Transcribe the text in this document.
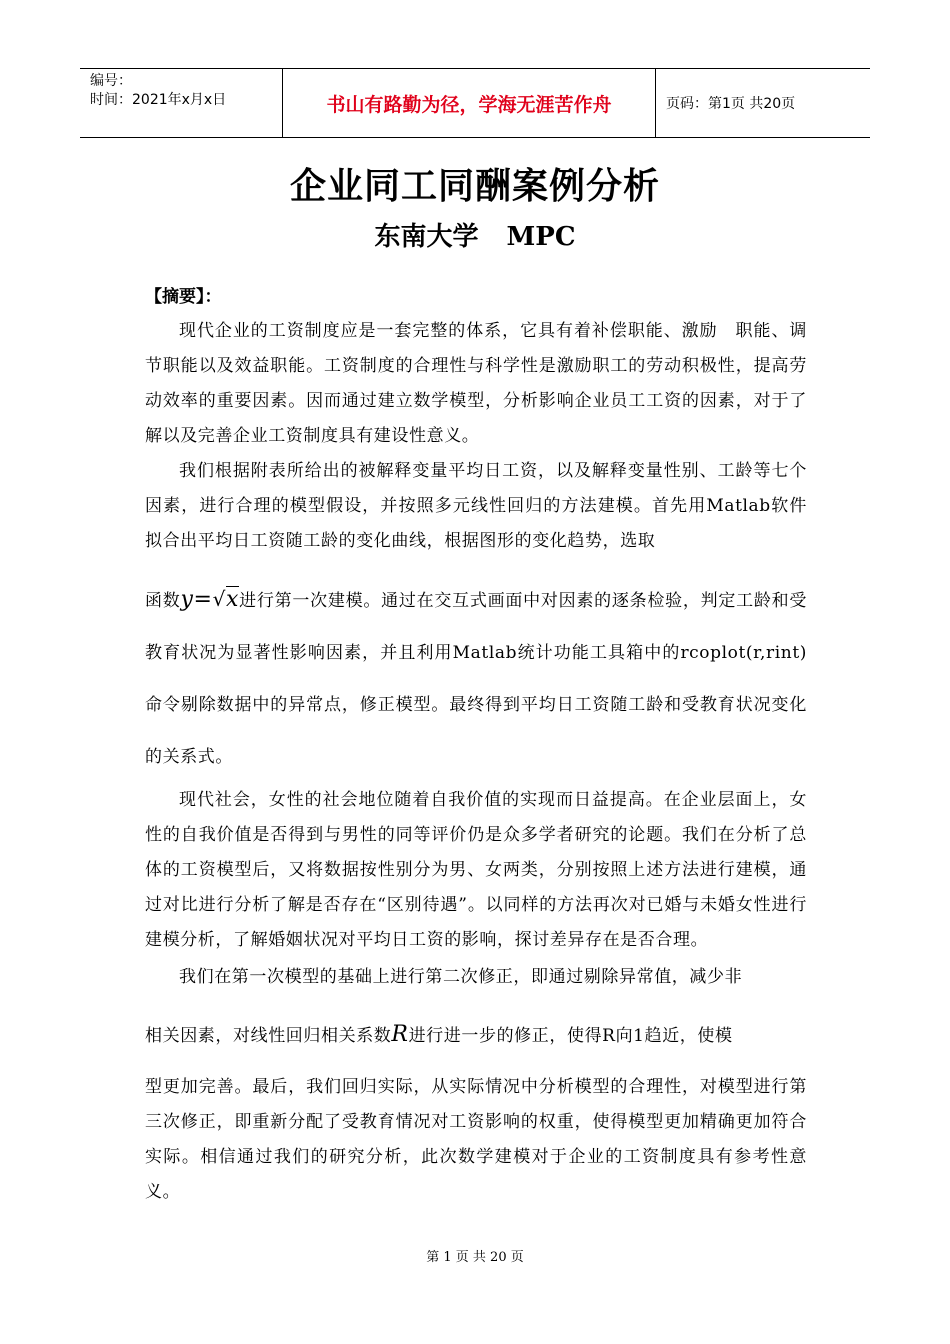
编号：
时间：2021年x月x日	书山有路勤为径，学海无涯苦作舟	页码：第1页 共20页
企业同工同酬案例分析
东南大学 MPC
【摘要】：

现代企业的工资制度应是一套完整的体系，它具有着补偿职能、激励　职能、调节职能以及效益职能。工资制度的合理性与科学性是激励职工的劳动积极性，提高劳动效率的重要因素。因而通过建立数学模型，分析影响企业员工工资的因素，对于了解以及完善企业工资制度具有建设性意义。

我们根据附表所给出的被解释变量平均日工资，以及解释变量性别、工龄等七个因素，进行合理的模型假设，并按照多元线性回归的方法建模。首先用Matlab软件拟合出平均日工资随工龄的变化曲线，根据图形的变化趋势，选取

函数y=√x进行第一次建模。通过在交互式画面中对因素的逐条检验，判定工龄和受教育状况为显著性影响因素，并且利用Matlab统计功能工具箱中的rcoplot(r,rint)命令剔除数据中的异常点，修正模型。最终得到平均日工资随工龄和受教育状况变化的关系式。

现代社会，女性的社会地位随着自我价值的实现而日益提高。在企业层面上，女性的自我价值是否得到与男性的同等评价仍是众多学者研究的论题。我们在分析了总体的工资模型后，又将数据按性别分为男、女两类，分别按照上述方法进行建模，通过对比进行分析了解是否存在“区别待遇”。以同样的方法再次对已婚与未婚女性进行建模分析，了解婚姻状况对平均日工资的影响，探讨差异存在是否合理。

我们在第一次模型的基础上进行第二次修正，即通过剔除异常值，减少非

相关因素，对线性回归相关系数R进行进一步的修正，使得R向1趋近，使模

型更加完善。最后，我们回归实际，从实际情况中分析模型的合理性，对模型进行第三次修正，即重新分配了受教育情况对工资影响的权重，使得模型更加精确更加符合实际。相信通过我们的研究分析，此次数学建模对于企业的工资制度具有参考性意义。

第 1 页 共 20 页
